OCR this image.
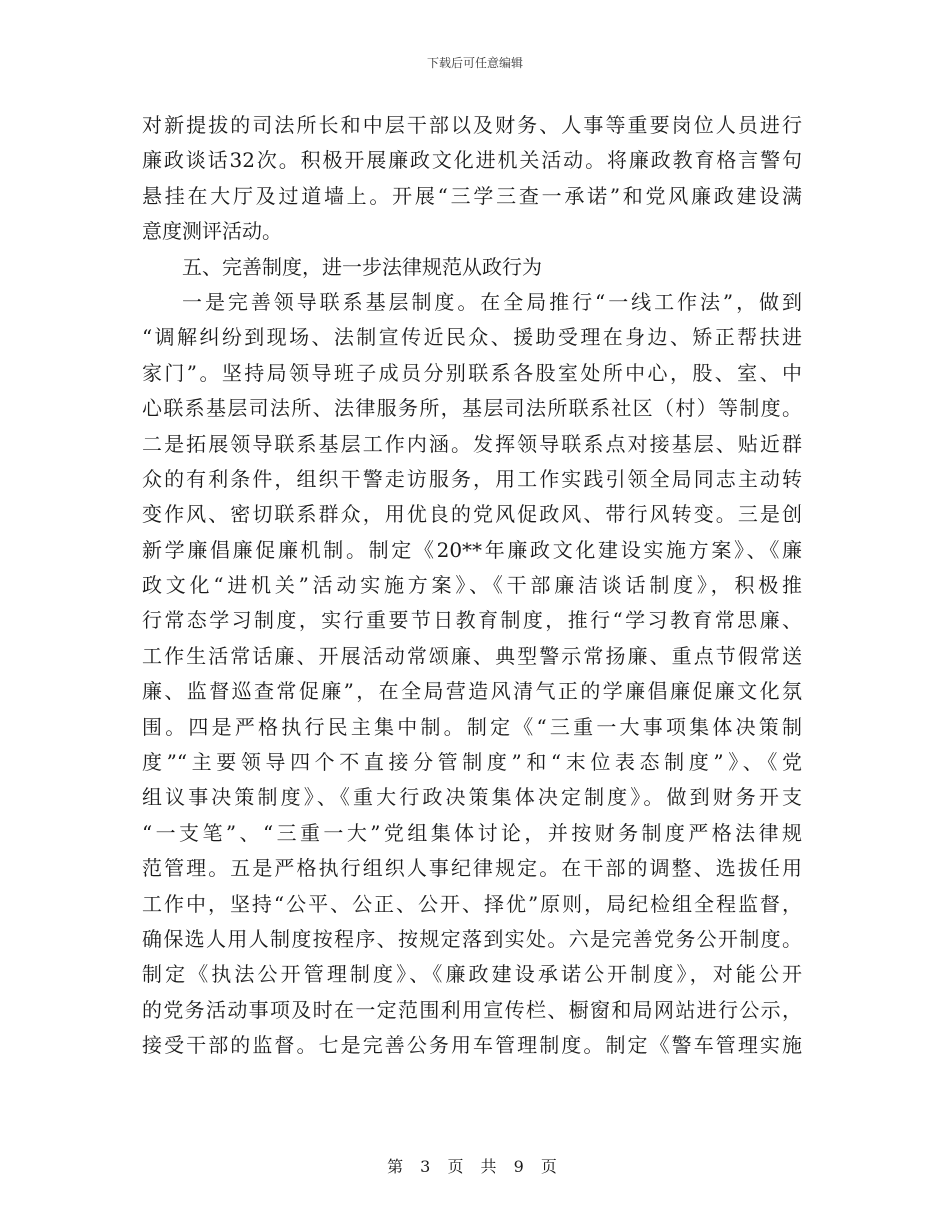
下载后可任意编辑
对新提拔的司法所长和中层干部以及财务、人事等重要岗位人员进行
廉政谈话32次。积极开展廉政文化进机关活动。将廉政教育格言警句
悬挂在大厅及过道墙上。开展“三学三查一承诺”和党风廉政建设满
意度测评活动。
五、完善制度，进一步法律规范从政行为
一是完善领导联系基层制度。在全局推行“一线工作法”，做到
“调解纠纷到现场、法制宣传近民众、援助受理在身边、矫正帮扶进
家门”。坚持局领导班子成员分别联系各股室处所中心，股、室、中
心联系基层司法所、法律服务所，基层司法所联系社区（村）等制度。
二是拓展领导联系基层工作内涵。发挥领导联系点对接基层、贴近群
众的有利条件，组织干警走访服务，用工作实践引领全局同志主动转
变作风、密切联系群众，用优良的党风促政风、带行风转变。三是创
新学廉倡廉促廉机制。制定《20**年廉政文化建设实施方案》、《廉
政文化“进机关”活动实施方案》、《干部廉洁谈话制度》，积极推
行常态学习制度，实行重要节日教育制度，推行“学习教育常思廉、
工作生活常话廉、开展活动常颂廉、典型警示常扬廉、重点节假常送
廉、监督巡查常促廉”，在全局营造风清气正的学廉倡廉促廉文化氛
围。四是严格执行民主集中制。制定《“三重一大事项集体决策制
度”“主要领导四个不直接分管制度”和“末位表态制度”》、《党
组议事决策制度》、《重大行政决策集体决定制度》。做到财务开支
“一支笔”、“三重一大”党组集体讨论，并按财务制度严格法律规
范管理。五是严格执行组织人事纪律规定。在干部的调整、选拔任用
工作中，坚持“公平、公正、公开、择优”原则，局纪检组全程监督，
确保选人用人制度按程序、按规定落到实处。六是完善党务公开制度。
制定《执法公开管理制度》、《廉政建设承诺公开制度》，对能公开
的党务活动事项及时在一定范围利用宣传栏、橱窗和局网站进行公示，
接受干部的监督。七是完善公务用车管理制度。制定《警车管理实施
第 3 页 共 9 页
